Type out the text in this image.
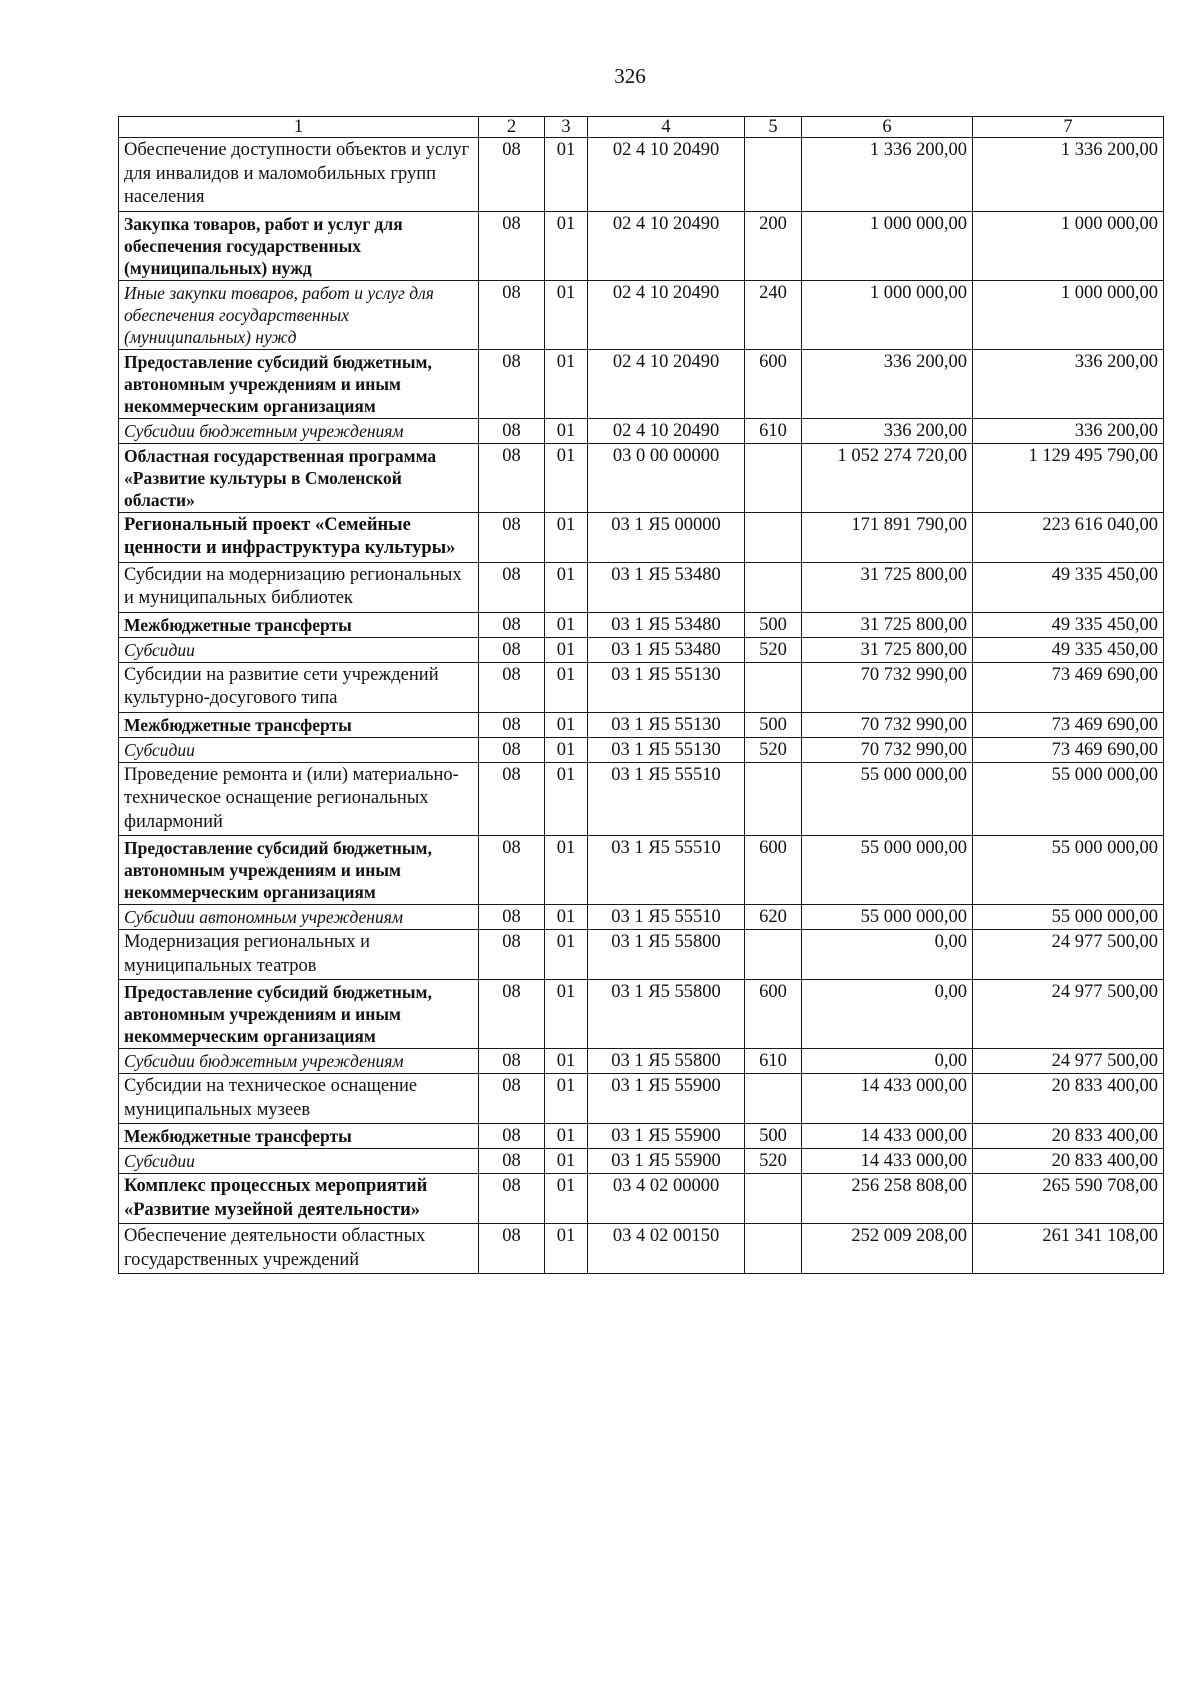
326
1	2	3	4	5	6	7
Обеспечение доступности объектов и услуг для инвалидов и маломобильных групп населения	08	01	02 4 10 20490		1 336 200,00	1 336 200,00
Закупка товаров, работ и услуг для обеспечения государственных (муниципальных) нужд	08	01	02 4 10 20490	200	1 000 000,00	1 000 000,00
Иные закупки товаров, работ и услуг для обеспечения государственных (муниципальных) нужд	08	01	02 4 10 20490	240	1 000 000,00	1 000 000,00
Предоставление субсидий бюджетным, автономным учреждениям и иным некоммерческим организациям	08	01	02 4 10 20490	600	336 200,00	336 200,00
Субсидии бюджетным учреждениям	08	01	02 4 10 20490	610	336 200,00	336 200,00
Областная государственная программа «Развитие культуры в Смоленской области»	08	01	03 0 00 00000		1 052 274 720,00	1 129 495 790,00
Региональный проект «Семейные ценности и инфраструктура культуры»	08	01	03 1 Я5 00000		171 891 790,00	223 616 040,00
Субсидии на модернизацию региональных и муниципальных библиотек	08	01	03 1 Я5 53480		31 725 800,00	49 335 450,00
Межбюджетные трансферты	08	01	03 1 Я5 53480	500	31 725 800,00	49 335 450,00
Субсидии	08	01	03 1 Я5 53480	520	31 725 800,00	49 335 450,00
Субсидии на развитие сети учреждений культурно-досугового типа	08	01	03 1 Я5 55130		70 732 990,00	73 469 690,00
Межбюджетные трансферты	08	01	03 1 Я5 55130	500	70 732 990,00	73 469 690,00
Субсидии	08	01	03 1 Я5 55130	520	70 732 990,00	73 469 690,00
Проведение ремонта и (или) материально-техническое оснащение региональных филармоний	08	01	03 1 Я5 55510		55 000 000,00	55 000 000,00
Предоставление субсидий бюджетным, автономным учреждениям и иным некоммерческим организациям	08	01	03 1 Я5 55510	600	55 000 000,00	55 000 000,00
Субсидии автономным учреждениям	08	01	03 1 Я5 55510	620	55 000 000,00	55 000 000,00
Модернизация региональных и муниципальных театров	08	01	03 1 Я5 55800		0,00	24 977 500,00
Предоставление субсидий бюджетным, автономным учреждениям и иным некоммерческим организациям	08	01	03 1 Я5 55800	600	0,00	24 977 500,00
Субсидии бюджетным учреждениям	08	01	03 1 Я5 55800	610	0,00	24 977 500,00
Субсидии на техническое оснащение муниципальных музеев	08	01	03 1 Я5 55900		14 433 000,00	20 833 400,00
Межбюджетные трансферты	08	01	03 1 Я5 55900	500	14 433 000,00	20 833 400,00
Субсидии	08	01	03 1 Я5 55900	520	14 433 000,00	20 833 400,00
Комплекс процессных мероприятий «Развитие музейной деятельности»	08	01	03 4 02 00000		256 258 808,00	265 590 708,00
Обеспечение деятельности областных государственных учреждений	08	01	03 4 02 00150		252 009 208,00	261 341 108,00
